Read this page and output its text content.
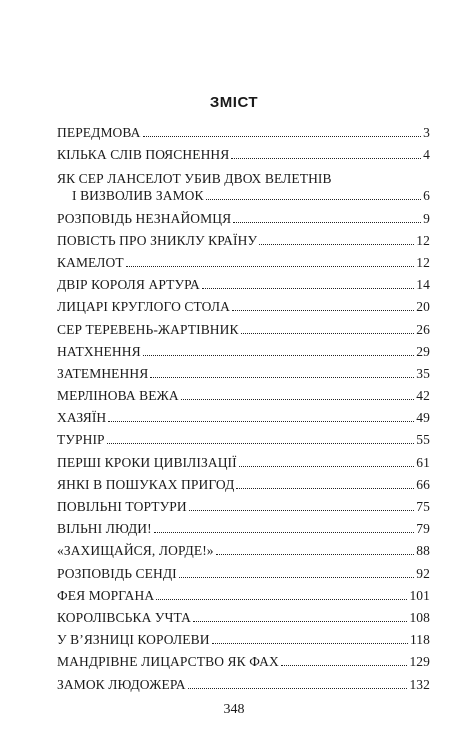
ЗМІСТ
ПЕРЕДМОВА	3
КІЛЬКА СЛІВ ПОЯСНЕННЯ	4
ЯК СЕР ЛАНСЕЛОТ УБИВ ДВОХ ВЕЛЕТНІВ
І ВИЗВОЛИВ ЗАМОК	6
РОЗПОВІДЬ НЕЗНАЙОМЦЯ	9
ПОВІСТЬ ПРО ЗНИКЛУ КРАЇНУ	12
КАМЕЛОТ	12
ДВІР КОРОЛЯ АРТУРА	14
ЛИЦАРІ КРУГЛОГО СТОЛА	20
СЕР ТЕРЕВЕНЬ-ЖАРТІВНИК	26
НАТХНЕННЯ	29
ЗАТЕМНЕННЯ	35
МЕРЛІНОВА ВЕЖА	42
ХАЗЯЇН	49
ТУРНІР	55
ПЕРШІ КРОКИ ЦИВІЛІЗАЦІЇ	61
ЯНКІ В ПОШУКАХ ПРИГОД	66
ПОВІЛЬНІ ТОРТУРИ	75
ВІЛЬНІ ЛЮДИ!	79
«ЗАХИЩАЙСЯ, ЛОРДЕ!»	88
РОЗПОВІДЬ СЕНДІ	92
ФЕЯ МОРГАНА	101
КОРОЛІВСЬКА УЧТА	108
У В’ЯЗНИЦІ КОРОЛЕВИ	118
МАНДРІВНЕ ЛИЦАРСТВО ЯК ФАХ	129
ЗАМОК ЛЮДОЖЕРА	132
348
